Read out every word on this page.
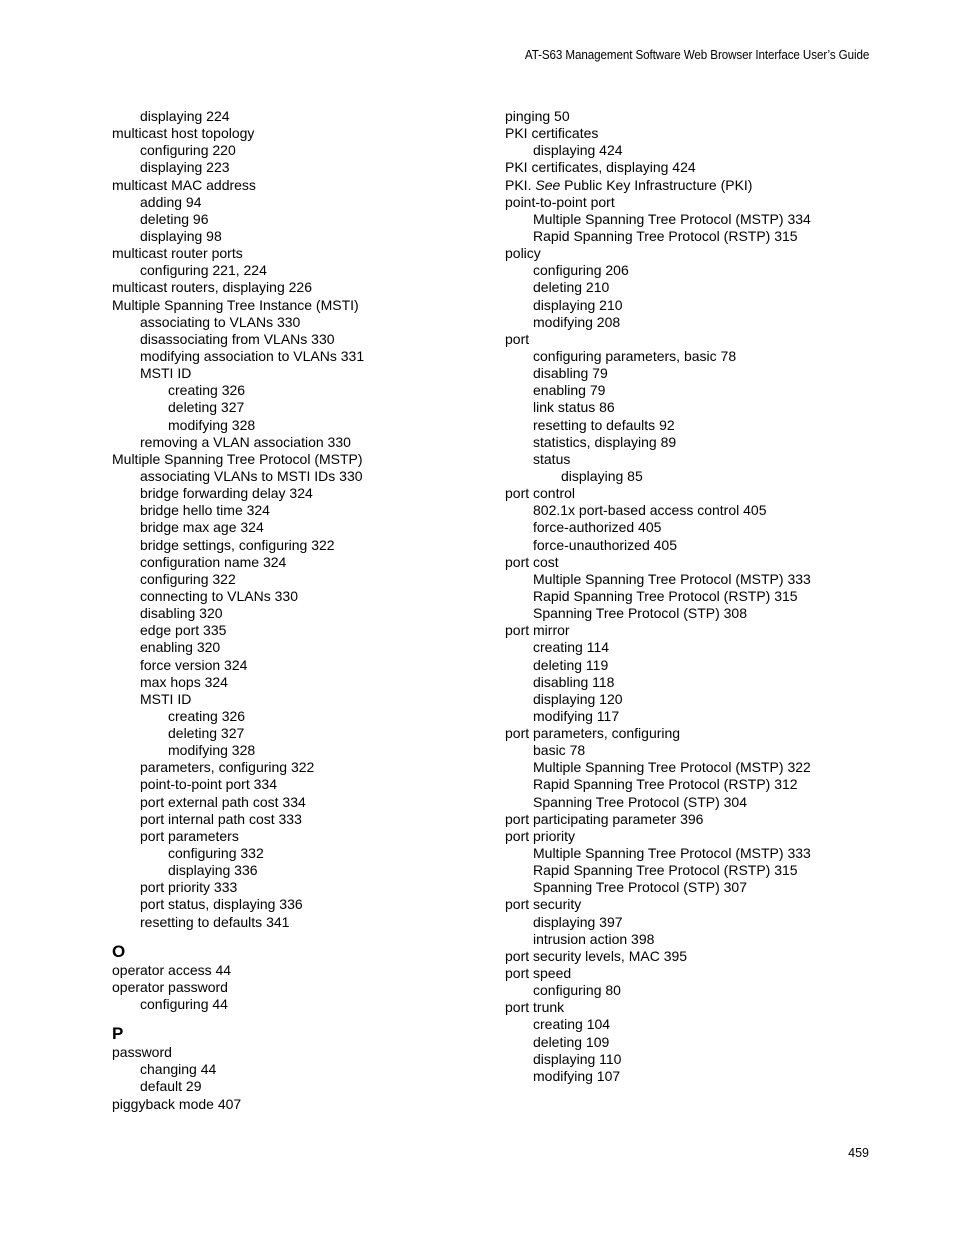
AT-S63 Management Software Web Browser Interface User’s Guide
displaying 224
multicast host topology
configuring 220
displaying 223
multicast MAC address
adding 94
deleting 96
displaying 98
multicast router ports
configuring 221, 224
multicast routers, displaying 226
Multiple Spanning Tree Instance (MSTI)
associating to VLANs 330
disassociating from VLANs 330
modifying association to VLANs 331
MSTI ID
creating 326
deleting 327
modifying 328
removing a VLAN association 330
Multiple Spanning Tree Protocol (MSTP)
associating VLANs to MSTI IDs 330
bridge forwarding delay 324
bridge hello time 324
bridge max age 324
bridge settings, configuring 322
configuration name 324
configuring 322
connecting to VLANs 330
disabling 320
edge port 335
enabling 320
force version 324
max hops 324
MSTI ID
creating 326
deleting 327
modifying 328
parameters, configuring 322
point-to-point port 334
port external path cost 334
port internal path cost 333
port parameters
configuring 332
displaying 336
port priority 333
port status, displaying 336
resetting to defaults 341
O
operator access 44
operator password
configuring 44
P
password
changing 44
default 29
piggyback mode 407
pinging 50
PKI certificates
displaying 424
PKI certificates, displaying 424
PKI. See Public Key Infrastructure (PKI)
point-to-point port
Multiple Spanning Tree Protocol (MSTP) 334
Rapid Spanning Tree Protocol (RSTP) 315
policy
configuring 206
deleting 210
displaying 210
modifying 208
port
configuring parameters, basic 78
disabling 79
enabling 79
link status 86
resetting to defaults 92
statistics, displaying 89
status
displaying 85
port control
802.1x port-based access control 405
force-authorized 405
force-unauthorized 405
port cost
Multiple Spanning Tree Protocol (MSTP) 333
Rapid Spanning Tree Protocol (RSTP) 315
Spanning Tree Protocol (STP) 308
port mirror
creating 114
deleting 119
disabling 118
displaying 120
modifying 117
port parameters, configuring
basic 78
Multiple Spanning Tree Protocol (MSTP) 322
Rapid Spanning Tree Protocol (RSTP) 312
Spanning Tree Protocol (STP) 304
port participating parameter 396
port priority
Multiple Spanning Tree Protocol (MSTP) 333
Rapid Spanning Tree Protocol (RSTP) 315
Spanning Tree Protocol (STP) 307
port security
displaying 397
intrusion action 398
port security levels, MAC 395
port speed
configuring 80
port trunk
creating 104
deleting 109
displaying 110
modifying 107
459
